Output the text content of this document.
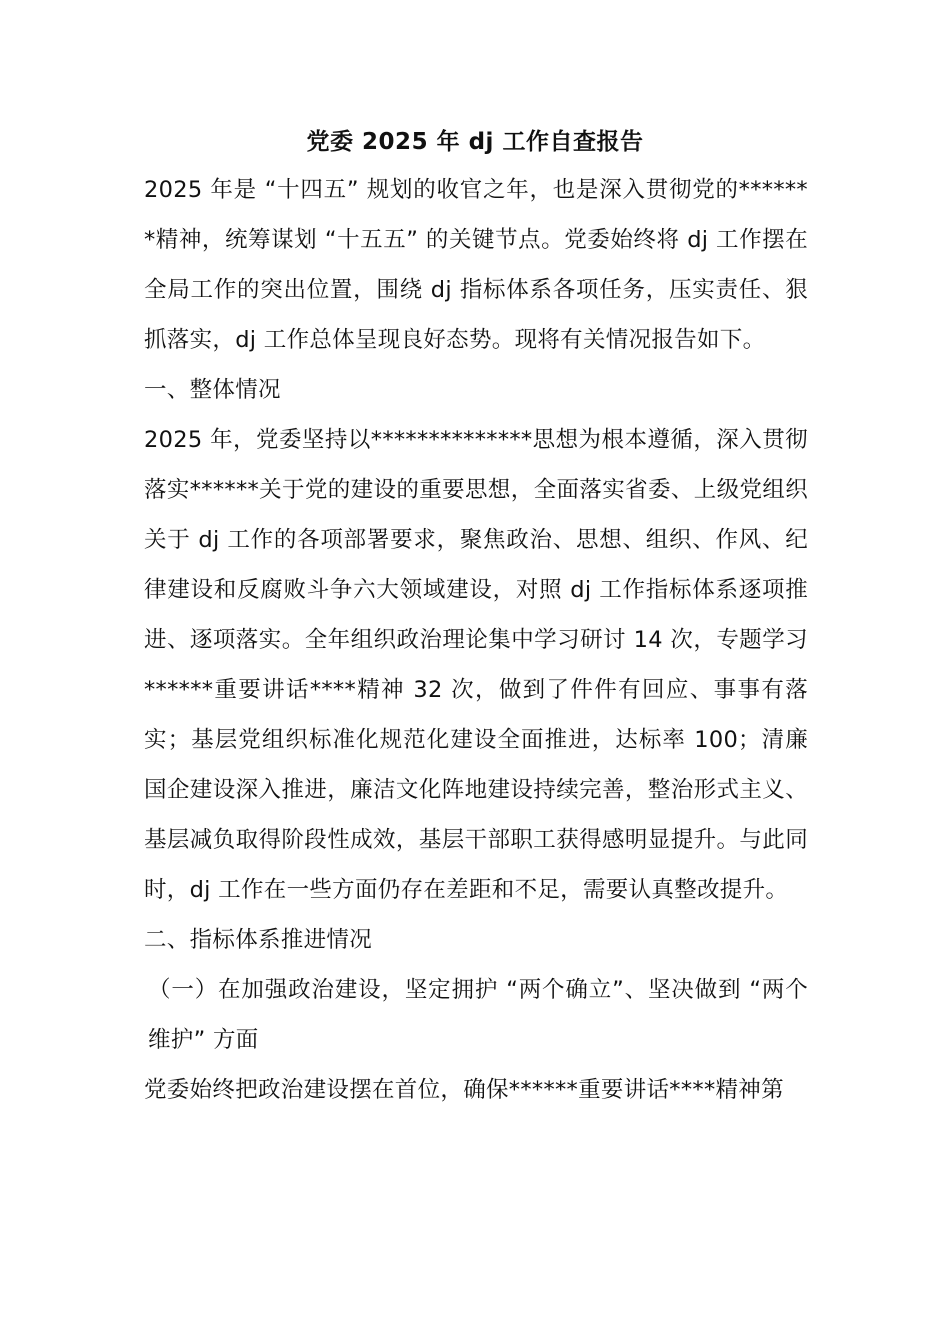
党委 2025 年 dj 工作自查报告

2025 年是 “十四五” 规划的收官之年，也是深入贯彻党的*******精神，统筹谋划 “十五五” 的关键节点。党委始终将 dj 工作摆在全局工作的突出位置，围绕 dj 指标体系各项任务，压实责任、狠抓落实，dj 工作总体呈现良好态势。现将有关情况报告如下。

一、整体情况

2025 年，党委坚持以**************思想为根本遵循，深入贯彻落实******关于党的建设的重要思想，全面落实省委、上级党组织关于 dj 工作的各项部署要求，聚焦政治、思想、组织、作风、纪律建设和反腐败斗争六大领域建设，对照 dj 工作指标体系逐项推进、逐项落实。全年组织政治理论集中学习研讨 14 次，专题学习******重要讲话****精神 32 次，做到了件件有回应、事事有落实；基层党组织标准化规范化建设全面推进，达标率 100；清廉国企建设深入推进，廉洁文化阵地建设持续完善，整治形式主义、基层减负取得阶段性成效，基层干部职工获得感明显提升。与此同时，dj 工作在一些方面仍存在差距和不足，需要认真整改提升。

二、指标体系推进情况

（一）在加强政治建设，坚定拥护 “两个确立”、坚决做到 “两个维护” 方面

党委始终把政治建设摆在首位，确保******重要讲话****精神第
